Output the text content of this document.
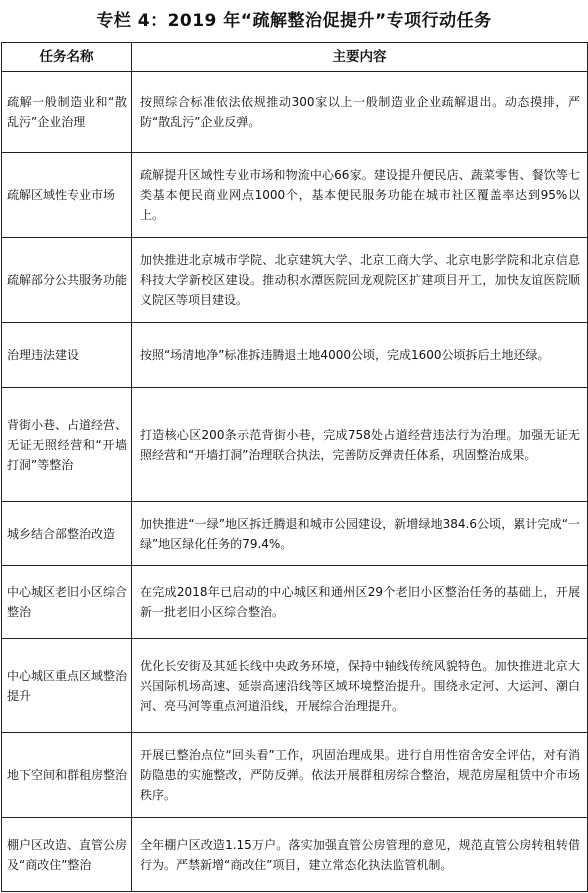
专栏 4：2019 年“疏解整治促提升”专项行动任务
任务名称	主要内容
疏解一般制造业和“散乱污”企业治理	按照综合标准依法依规推动300家以上一般制造业企业疏解退出。动态摸排，严防“散乱污”企业反弹。
疏解区域性专业市场	疏解提升区域性专业市场和物流中心66家。建设提升便民店、蔬菜零售、餐饮等七类基本便民商业网点1000个，基本便民服务功能在城市社区覆盖率达到95%以上。
疏解部分公共服务功能	加快推进北京城市学院、北京建筑大学、北京工商大学、北京电影学院和北京信息科技大学新校区建设。推动积水潭医院回龙观院区扩建项目开工，加快友谊医院顺义院区等项目建设。
治理违法建设	按照“场清地净”标准拆违腾退土地4000公顷，完成1600公顷拆后土地还绿。
背街小巷、占道经营、无证无照经营和“开墙打洞”等整治	打造核心区200条示范背街小巷，完成758处占道经营违法行为治理。加强无证无照经营和“开墙打洞”治理联合执法，完善防反弹责任体系，巩固整治成果。
城乡结合部整治改造	加快推进“一绿”地区拆迁腾退和城市公园建设，新增绿地384.6公顷，累计完成“一绿”地区绿化任务的79.4%。
中心城区老旧小区综合整治	在完成2018年已启动的中心城区和通州区29个老旧小区整治任务的基础上，开展新一批老旧小区综合整治。
中心城区重点区域整治提升	优化长安街及其延长线中央政务环境，保持中轴线传统风貌特色。加快推进北京大兴国际机场高速、延崇高速沿线等区域环境整治提升。围绕永定河、大运河、潮白河、亮马河等重点河道沿线，开展综合治理提升。
地下空间和群租房整治	开展已整治点位“回头看”工作，巩固治理成果。进行自用性宿舍安全评估，对有消防隐患的实施整改，严防反弹。依法开展群租房综合整治，规范房屋租赁中介市场秩序。
棚户区改造、直管公房及“商改住”整治	全年棚户区改造1.15万户。落实加强直管公房管理的意见，规范直管公房转租转借行为。严禁新增“商改住”项目，建立常态化执法监管机制。
